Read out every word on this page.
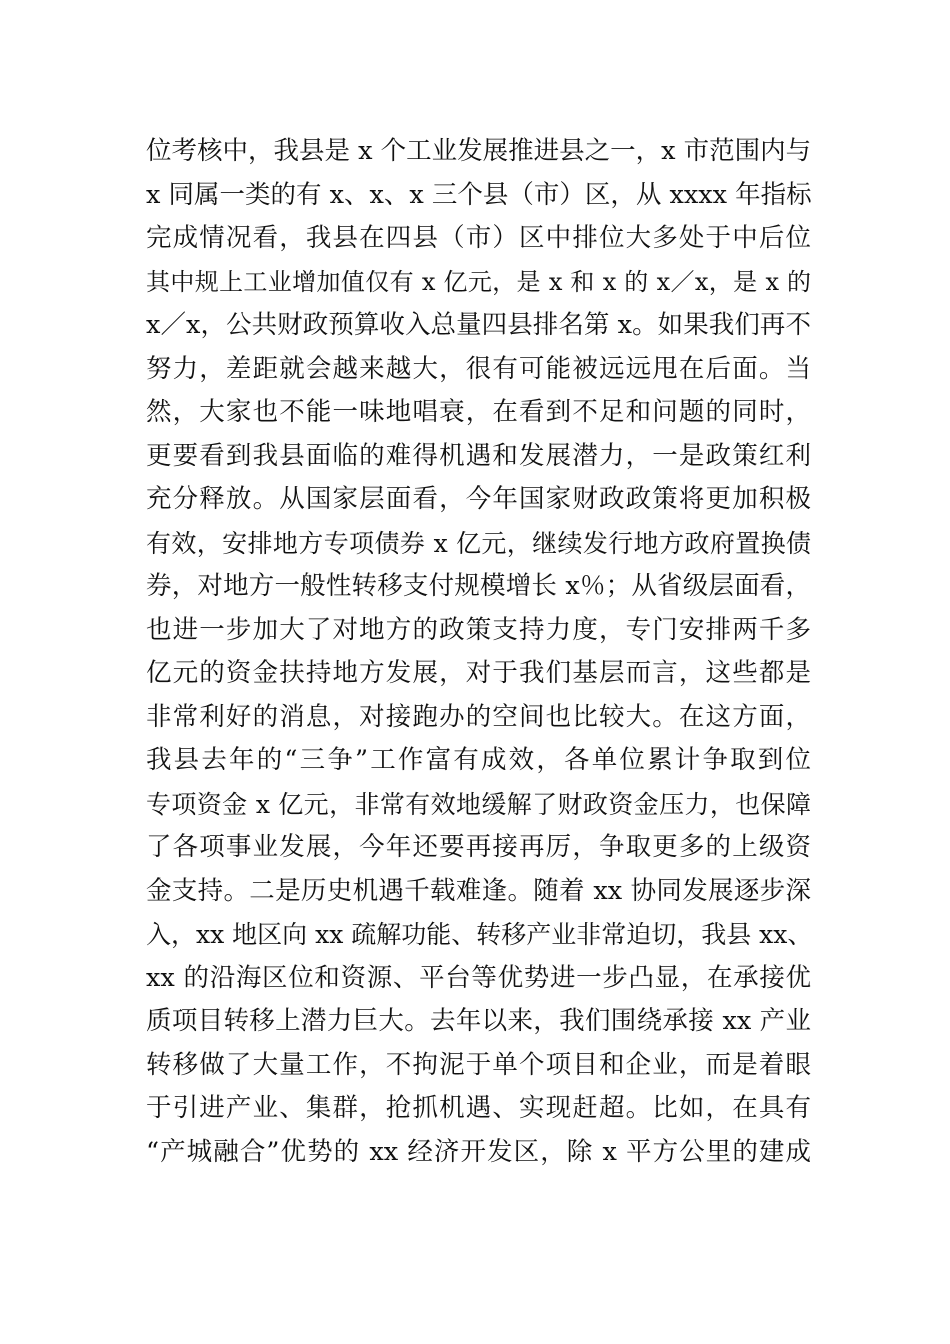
位考核中，我县是 x 个工业发展推进县之一，x 市范围内与
x 同属一类的有 x、x、x 三个县（市）区，从 xxxx 年指标
完成情况看，我县在四县（市）区中排位大多处于中后位
其中规上工业增加值仅有 x 亿元，是 x 和 x 的 x／x，是 x 的
x／x，公共财政预算收入总量四县排名第 x。如果我们再不
努力，差距就会越来越大，很有可能被远远甩在后面。当
然，大家也不能一味地唱衰，在看到不足和问题的同时，
更要看到我县面临的难得机遇和发展潜力，一是政策红利
充分释放。从国家层面看，今年国家财政政策将更加积极
有效，安排地方专项债券 x 亿元，继续发行地方政府置换债
券，对地方一般性转移支付规模增长 x％；从省级层面看，
也进一步加大了对地方的政策支持力度，专门安排两千多
亿元的资金扶持地方发展，对于我们基层而言，这些都是
非常利好的消息，对接跑办的空间也比较大。在这方面，
我县去年的“三争”工作富有成效，各单位累计争取到位
专项资金 x 亿元，非常有效地缓解了财政资金压力，也保障
了各项事业发展，今年还要再接再厉，争取更多的上级资
金支持。二是历史机遇千载难逢。随着 xx 协同发展逐步深
入，xx 地区向 xx 疏解功能、转移产业非常迫切，我县 xx、
xx 的沿海区位和资源、平台等优势进一步凸显，在承接优
质项目转移上潜力巨大。去年以来，我们围绕承接 xx 产业
转移做了大量工作，不拘泥于单个项目和企业，而是着眼
于引进产业、集群，抢抓机遇、实现赶超。比如，在具有
“产城融合”优势的 xx 经济开发区，除 x 平方公里的建成
